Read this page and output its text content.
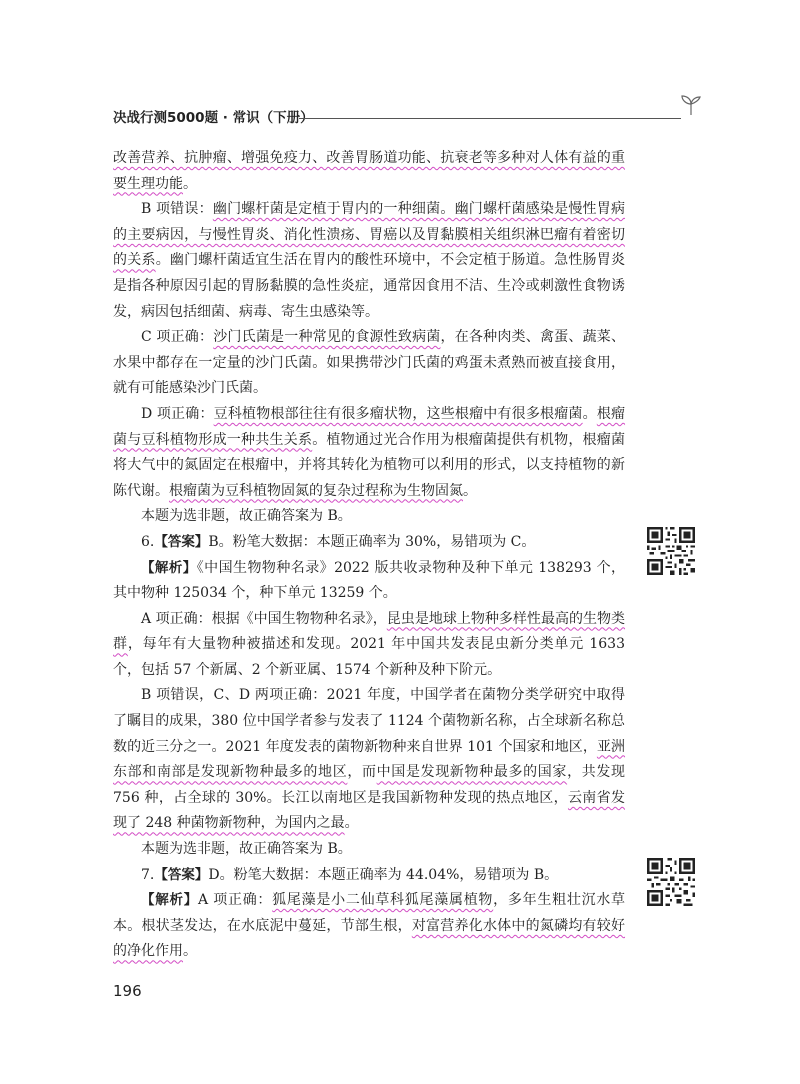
决战行测5000题 · 常识（下册）

改善营养、抗肿瘤、增强免疫力、改善胃肠道功能、抗衰老等多种对人体有益的重要生理功能。

B 项错误：幽门螺杆菌是定植于胃内的一种细菌。幽门螺杆菌感染是慢性胃病的主要病因，与慢性胃炎、消化性溃疡、胃癌以及胃黏膜相关组织淋巴瘤有着密切的关系。幽门螺杆菌适宜生活在胃内的酸性环境中，不会定植于肠道。急性肠胃炎是指各种原因引起的胃肠黏膜的急性炎症，通常因食用不洁、生冷或刺激性食物诱发，病因包括细菌、病毒、寄生虫感染等。

C 项正确：沙门氏菌是一种常见的食源性致病菌，在各种肉类、禽蛋、蔬菜、水果中都存在一定量的沙门氏菌。如果携带沙门氏菌的鸡蛋未煮熟而被直接食用，就有可能感染沙门氏菌。

D 项正确：豆科植物根部往往有很多瘤状物，这些根瘤中有很多根瘤菌。根瘤菌与豆科植物形成一种共生关系。植物通过光合作用为根瘤菌提供有机物，根瘤菌将大气中的氮固定在根瘤中，并将其转化为植物可以利用的形式，以支持植物的新陈代谢。根瘤菌为豆科植物固氮的复杂过程称为生物固氮。

本题为选非题，故正确答案为 B。

6.【答案】B。粉笔大数据：本题正确率为 30%，易错项为 C。

【解析】《中国生物物种名录》2022 版共收录物种及种下单元 138293 个，其中物种 125034 个，种下单元 13259 个。

A 项正确：根据《中国生物物种名录》，昆虫是地球上物种多样性最高的生物类群，每年有大量物种被描述和发现。2021 年中国共发表昆虫新分类单元 1633 个，包括 57 个新属、2 个新亚属、1574 个新种及种下阶元。

B 项错误，C、D 两项正确：2021 年度，中国学者在菌物分类学研究中取得了瞩目的成果，380 位中国学者参与发表了 1124 个菌物新名称，占全球新名称总数的近三分之一。2021 年度发表的菌物新物种来自世界 101 个国家和地区，亚洲东部和南部是发现新物种最多的地区，而中国是发现新物种最多的国家，共发现 756 种，占全球的 30%。长江以南地区是我国新物种发现的热点地区，云南省发现了 248 种菌物新物种，为国内之最。

本题为选非题，故正确答案为 B。

7.【答案】D。粉笔大数据：本题正确率为 44.04%，易错项为 B。

【解析】A 项正确：狐尾藻是小二仙草科狐尾藻属植物，多年生粗壮沉水草本。根状茎发达，在水底泥中蔓延，节部生根，对富营养化水体中的氮磷均有较好的净化作用。

196
